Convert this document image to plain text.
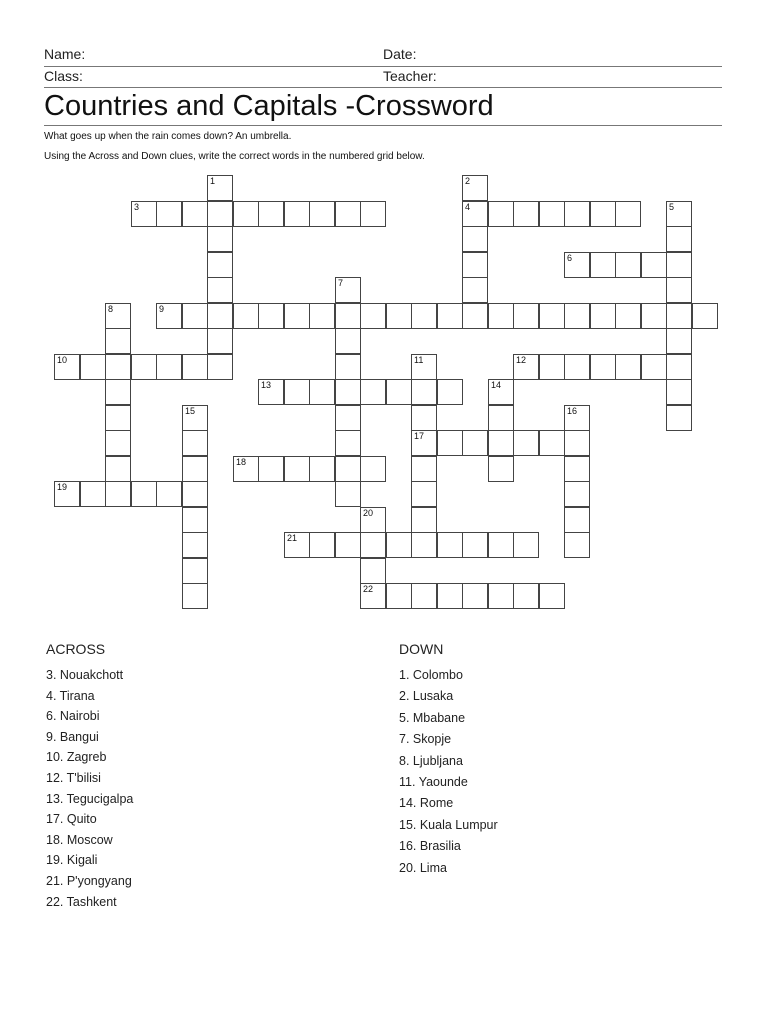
Name:	Date:
Class:	Teacher:
Countries and Capitals -Crossword
What goes up when the rain comes down? An umbrella.
Using the Across and Down clues, write the correct words in the numbered grid below.
1	2
4
3	5
6
7
8	9
10	11
17
12
13	14
15	16
18
19
20
22
21
ACROSS
3. Nouakchott
4. Tirana
6. Nairobi
9. Bangui
10. Zagreb
12. T'bilisi
13. Tegucigalpa
17. Quito
18. Moscow
19. Kigali
21. P'yongyang
22. Tashkent
DOWN
1. Colombo
2. Lusaka
5. Mbabane
7. Skopje
8. Ljubljana
11. Yaounde
14. Rome
15. Kuala Lumpur
16. Brasilia
20. Lima
